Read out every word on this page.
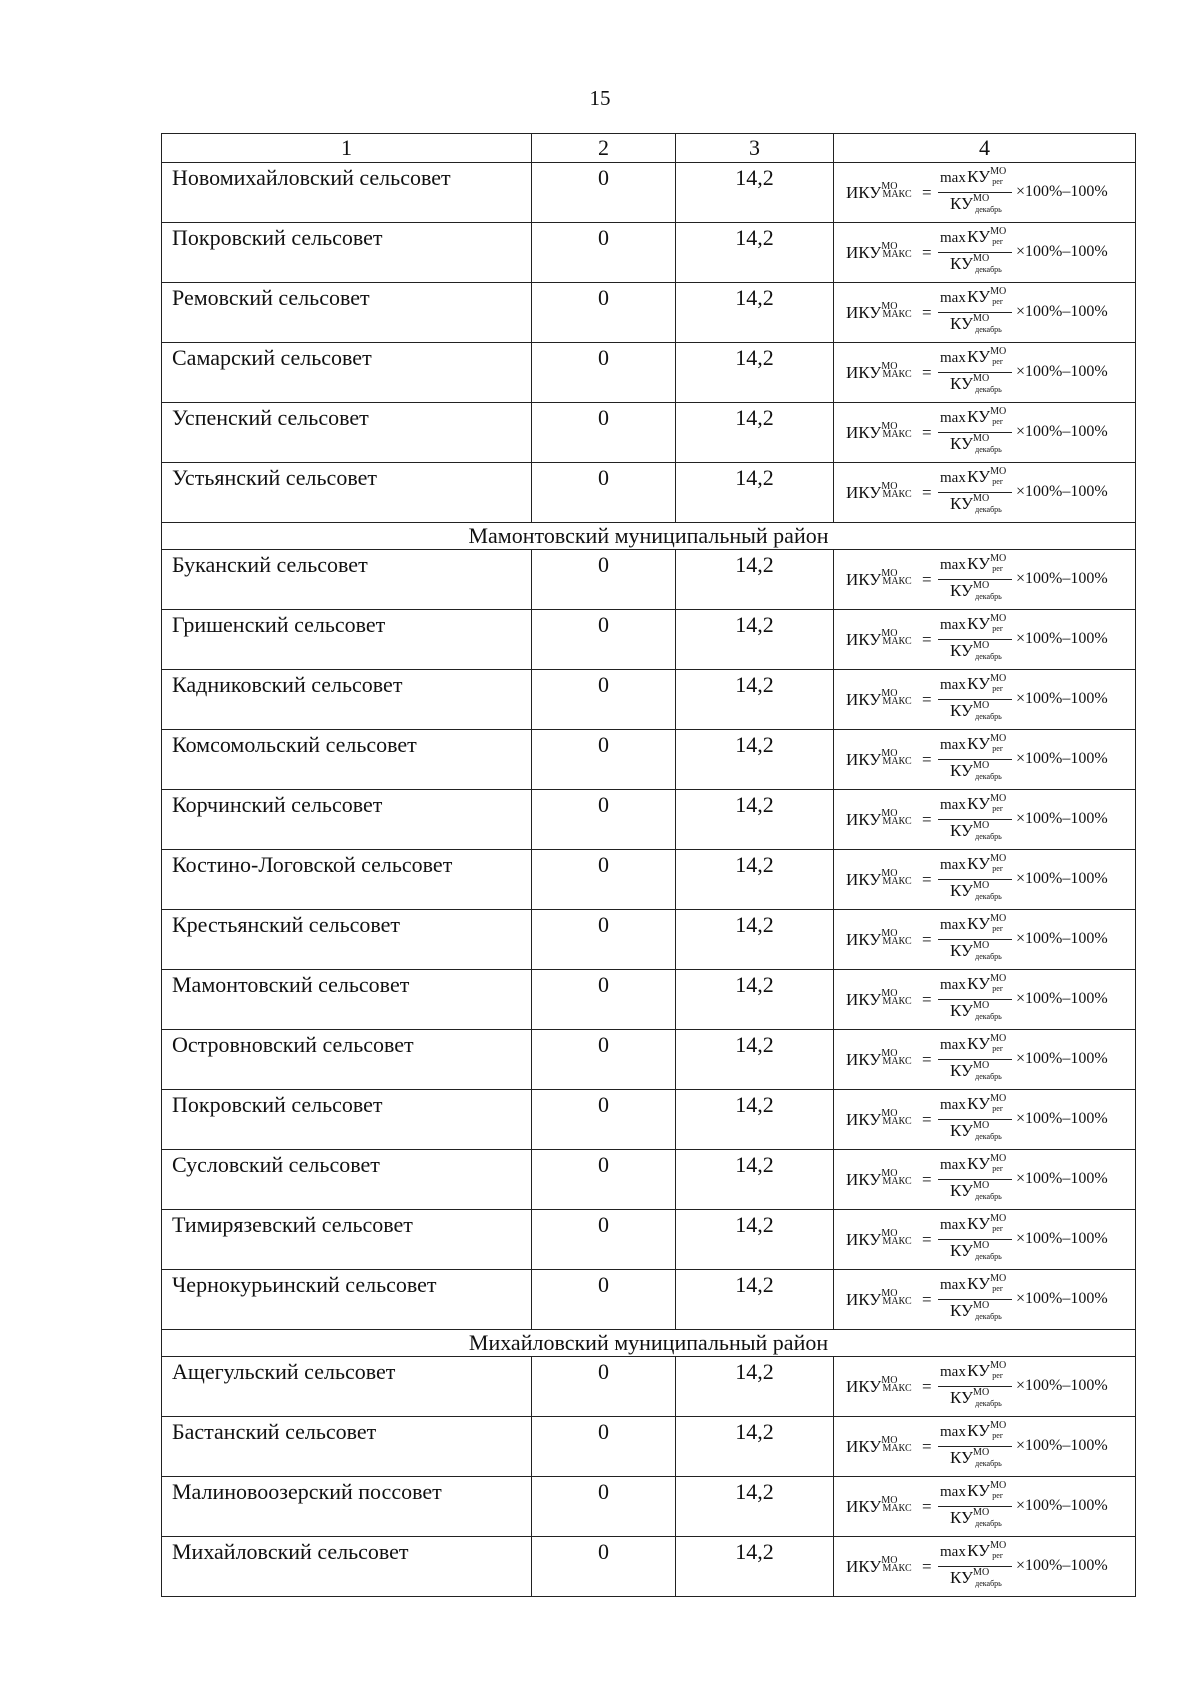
15
1	2	3	4
Новомихайловский сельсовет	0	14,2	$ИКУ^{МО}_{МАКС}$ =
max $КУ^{МО}_{рег}$
$КУ^{МО}_{декабрь}$
×100%–100%

Покровский сельсовет	0	14,2	$ИКУ^{МО}_{МАКС}$ =
max $КУ^{МО}_{рег}$
$КУ^{МО}_{декабрь}$
×100%–100%

Ремовский сельсовет	0	14,2	$ИКУ^{МО}_{МАКС}$ =
max $КУ^{МО}_{рег}$
$КУ^{МО}_{декабрь}$
×100%–100%

Самарский сельсовет	0	14,2	$ИКУ^{МО}_{МАКС}$ =
max $КУ^{МО}_{рег}$
$КУ^{МО}_{декабрь}$
×100%–100%

Успенский сельсовет	0	14,2	$ИКУ^{МО}_{МАКС}$ =
max $КУ^{МО}_{рег}$
$КУ^{МО}_{декабрь}$
×100%–100%

Устьянский сельсовет	0	14,2	$ИКУ^{МО}_{МАКС}$ =
max $КУ^{МО}_{рег}$
$КУ^{МО}_{декабрь}$
×100%–100%

Мамонтовский муниципальный район			
Буканский сельсовет	0	14,2	$ИКУ^{МО}_{МАКС}$ =
max $КУ^{МО}_{рег}$
$КУ^{МО}_{декабрь}$
×100%–100%

Гришенский сельсовет	0	14,2	$ИКУ^{МО}_{МАКС}$ =
max $КУ^{МО}_{рег}$
$КУ^{МО}_{декабрь}$
×100%–100%

Кадниковский сельсовет	0	14,2	$ИКУ^{МО}_{МАКС}$ =
max $КУ^{МО}_{рег}$
$КУ^{МО}_{декабрь}$
×100%–100%

Комсомольский сельсовет	0	14,2	$ИКУ^{МО}_{МАКС}$ =
max $КУ^{МО}_{рег}$
$КУ^{МО}_{декабрь}$
×100%–100%

Корчинский сельсовет	0	14,2	$ИКУ^{МО}_{МАКС}$ =
max $КУ^{МО}_{рег}$
$КУ^{МО}_{декабрь}$
×100%–100%

Костино-Логовской сельсовет	0	14,2	$ИКУ^{МО}_{МАКС}$ =
max $КУ^{МО}_{рег}$
$КУ^{МО}_{декабрь}$
×100%–100%

Крестьянский сельсовет	0	14,2	$ИКУ^{МО}_{МАКС}$ =
max $КУ^{МО}_{рег}$
$КУ^{МО}_{декабрь}$
×100%–100%

Мамонтовский сельсовет	0	14,2	$ИКУ^{МО}_{МАКС}$ =
max $КУ^{МО}_{рег}$
$КУ^{МО}_{декабрь}$
×100%–100%

Островновский сельсовет	0	14,2	$ИКУ^{МО}_{МАКС}$ =
max $КУ^{МО}_{рег}$
$КУ^{МО}_{декабрь}$
×100%–100%

Покровский сельсовет	0	14,2	$ИКУ^{МО}_{МАКС}$ =
max $КУ^{МО}_{рег}$
$КУ^{МО}_{декабрь}$
×100%–100%

Сусловский сельсовет	0	14,2	$ИКУ^{МО}_{МАКС}$ =
max $КУ^{МО}_{рег}$
$КУ^{МО}_{декабрь}$
×100%–100%

Тимирязевский сельсовет	0	14,2	$ИКУ^{МО}_{МАКС}$ =
max $КУ^{МО}_{рег}$
$КУ^{МО}_{декабрь}$
×100%–100%

Чернокурьинский сельсовет	0	14,2	$ИКУ^{МО}_{МАКС}$ =
max $КУ^{МО}_{рег}$
$КУ^{МО}_{декабрь}$
×100%–100%

Михайловский муниципальный район			
Ащегульский сельсовет	0	14,2	$ИКУ^{МО}_{МАКС}$ =
max $КУ^{МО}_{рег}$
$КУ^{МО}_{декабрь}$
×100%–100%

Бастанский сельсовет	0	14,2	$ИКУ^{МО}_{МАКС}$ =
max $КУ^{МО}_{рег}$
$КУ^{МО}_{декабрь}$
×100%–100%

Малиновоозерский поссовет	0	14,2	$ИКУ^{МО}_{МАКС}$ =
max $КУ^{МО}_{рег}$
$КУ^{МО}_{декабрь}$
×100%–100%

Михайловский сельсовет	0	14,2	$ИКУ^{МО}_{МАКС}$ =
max $КУ^{МО}_{рег}$
$КУ^{МО}_{декабрь}$
×100%–100%
